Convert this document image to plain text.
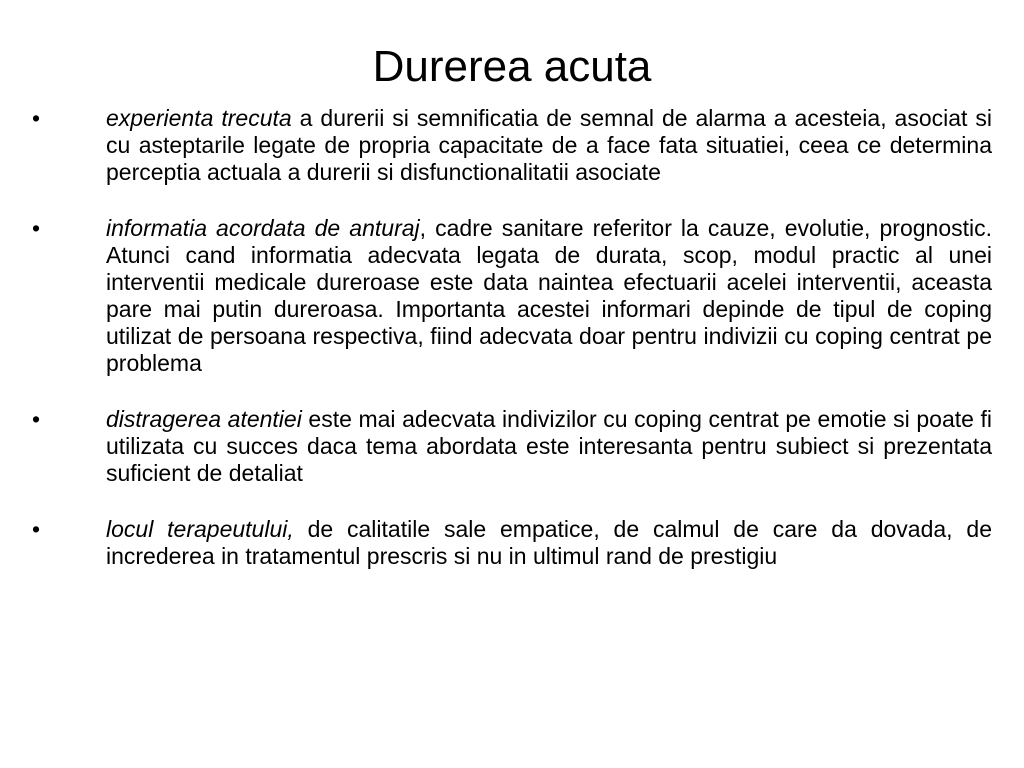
Durerea acuta
•	experienta trecuta a durerii si semnificatia de semnal de alarma a acesteia, asociat si cu asteptarile legate de propria capacitate de a face fata situatiei, ceea ce determina perceptia actuala a durerii si disfunctionalitatii asociate
•	informatia acordata de anturaj, cadre sanitare referitor la cauze, evolutie, prognostic. Atunci cand informatia adecvata legata de durata, scop, modul practic al unei interventii medicale dureroase este data naintea efectuarii acelei interventii, aceasta pare mai putin dureroasa. Importanta acestei informari depinde de tipul de coping utilizat de persoana respectiva, fiind adecvata doar pentru indivizii cu coping centrat pe problema
•	distragerea atentiei este mai adecvata indivizilor cu coping centrat pe emotie si poate fi utilizata cu succes daca tema abordata este interesanta pentru subiect si prezentata suficient de detaliat
•	locul terapeutului, de calitatile sale empatice, de calmul de care da dovada, de increderea in tratamentul prescris si nu in ultimul rand de prestigiu
